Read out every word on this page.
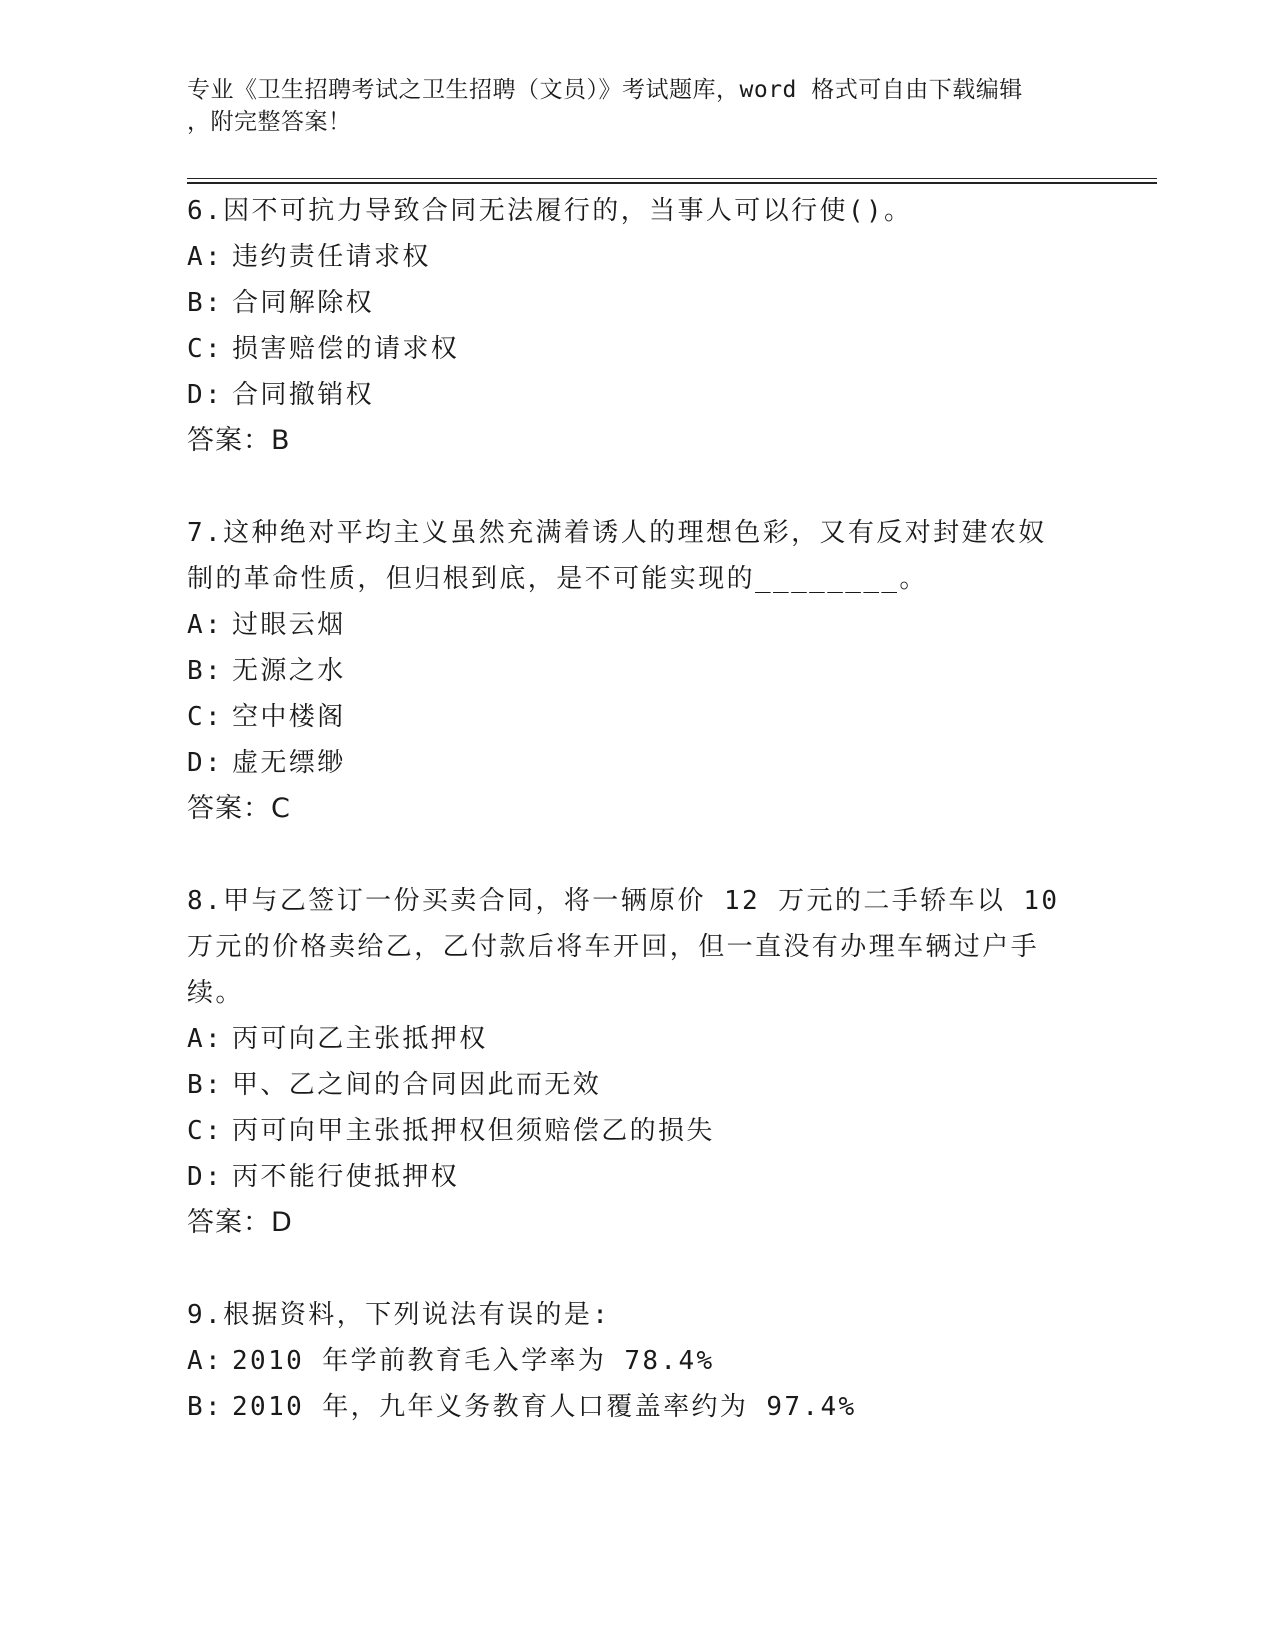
专业《卫生招聘考试之卫生招聘（文员）》考试题库，word 格式可自由下载编辑
，附完整答案！

6.因不可抗力导致合同无法履行的，当事人可以行使()。

A: 违约责任请求权

B: 合同解除权

C: 损害赔偿的请求权

D: 合同撤销权

答案：B

7.这种绝对平均主义虽然充满着诱人的理想色彩，又有反对封建农奴制的革命性质，但归根到底，是不可能实现的________。

A: 过眼云烟

B: 无源之水

C: 空中楼阁

D: 虚无缥缈

答案：C

8.甲与乙签订一份买卖合同，将一辆原价 12 万元的二手轿车以 10 万元的价格卖给乙，乙付款后将车开回，但一直没有办理车辆过户手续。

A: 丙可向乙主张抵押权

B: 甲、乙之间的合同因此而无效

C: 丙可向甲主张抵押权但须赔偿乙的损失

D: 丙不能行使抵押权

答案：D

9.根据资料，下列说法有误的是:

A: 2010 年学前教育毛入学率为 78.4%

B: 2010 年，九年义务教育人口覆盖率约为 97.4%
